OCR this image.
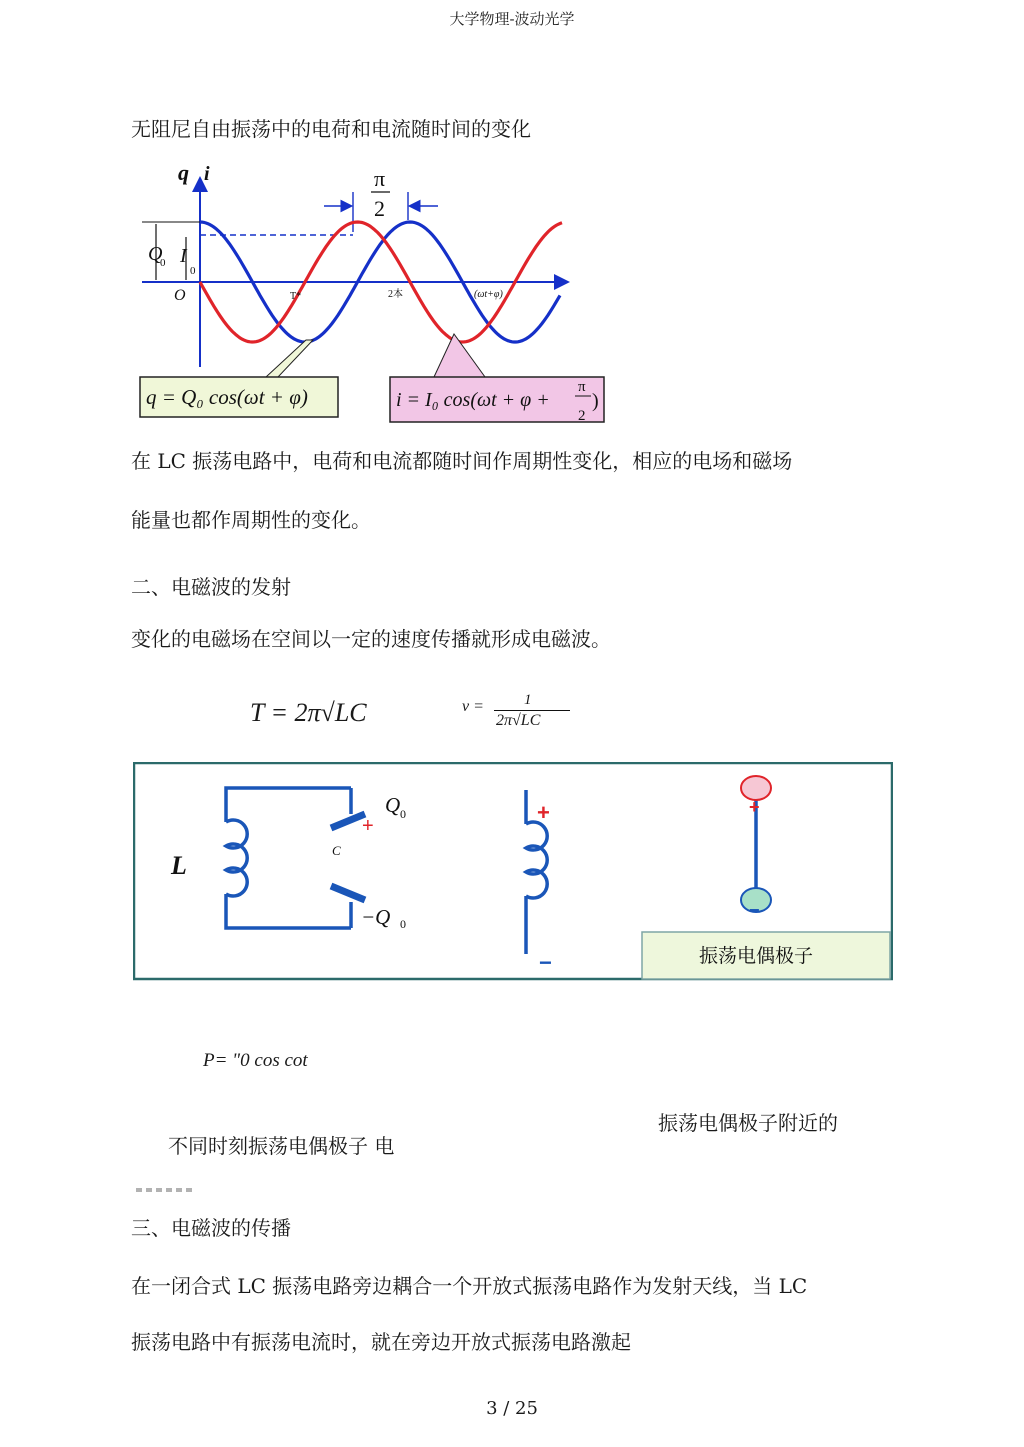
大学物理-波动光学
无阻尼自由振荡中的电荷和电流随时间的变化
q i
O
Q
0 I
0
π
2
T*	2本	(ωt+φ)
q = Q₀ cos(ωt + φ)	i = I₀ cos(ωt + φ +
π
2
)
在 LC 振荡电路中，电荷和电流都随时间作周期性变化，相应的电场和磁场
能量也都作周期性的变化。
二、电磁波的发射
变化的电磁场在空间以一定的速度传播就形成电磁波。
T = 2π√LC	ν =	1
2π√LC
L
C
Q 0
+
−Q 0
+
−
+
−
振荡电偶极子
P= "0 cos cot
振荡电偶极子附近的
不同时刻振荡电偶极子 电
三、电磁波的传播
在一闭合式 LC 振荡电路旁边耦合一个开放式振荡电路作为发射天线，当 LC
振荡电路中有振荡电流时，就在旁边开放式振荡电路激起
3 / 25
